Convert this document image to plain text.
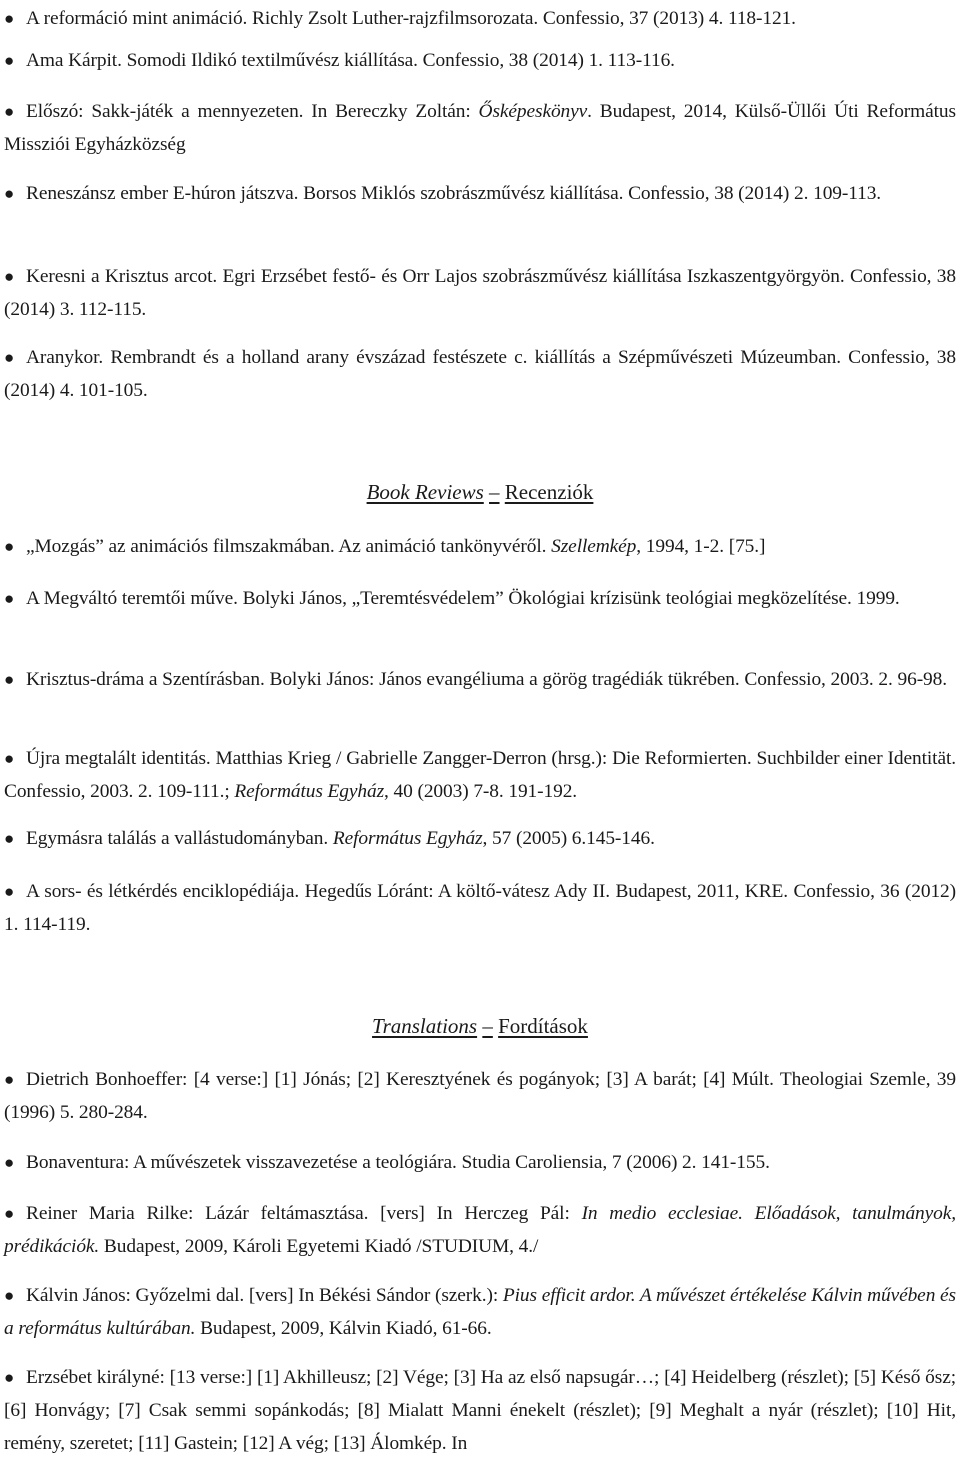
● A reformáció mint animáció. Richly Zsolt Luther-rajzfilmsorozata. Confessio, 37 (2013) 4. 118-121.
● Ama Kárpit. Somodi Ildikó textilművész kiállítása. Confessio, 38 (2014) 1. 113-116.
● Előszó: Sakk-játék a mennyezeten. In Bereczky Zoltán: Ősképeskönyv. Budapest, 2014, Külső-Üllői Úti Református Missziói Egyházközség
● Reneszánsz ember E-húron játszva. Borsos Miklós szobrászművész kiállítása. Confessio, 38 (2014) 2. 109-113.
● Keresni a Krisztus arcot. Egri Erzsébet festő- és Orr Lajos szobrászművész kiállítása Iszkaszentgyörgyön. Confessio, 38 (2014) 3. 112-115.
● Aranykor. Rembrandt és a holland arany évszázad festészete c. kiállítás a Szépművészeti Múzeumban. Confessio, 38 (2014) 4. 101-105.
Book Reviews – Recenziók
● „Mozgás” az animációs filmszakmában. Az animáció tankönyvéről. Szellemkép, 1994, 1-2. [75.]
● A Megváltó teremtői műve. Bolyki János, „Teremtésvédelem” Ökológiai krízisünk teológiai megközelítése. 1999.
● Krisztus-dráma a Szentírásban. Bolyki János: János evangéliuma a görög tragédiák tükrében. Confessio, 2003. 2. 96-98.
● Újra megtalált identitás. Matthias Krieg / Gabrielle Zangger-Derron (hrsg.): Die Reformierten. Suchbilder einer Identität. Confessio, 2003. 2. 109-111.; Református Egyház, 40 (2003) 7-8. 191-192.
● Egymásra találás a vallástudományban. Református Egyház, 57 (2005) 6.145-146.
● A sors- és létkérdés enciklopédiája. Hegedűs Lóránt: A költő-vátesz Ady II. Budapest, 2011, KRE. Confessio, 36 (2012) 1. 114-119.
Translations – Fordítások
● Dietrich Bonhoeffer: [4 verse:] [1] Jónás; [2] Keresztyének és pogányok; [3] A barát; [4] Múlt. Theologiai Szemle, 39 (1996) 5. 280-284.
● Bonaventura: A művészetek visszavezetése a teológiára. Studia Caroliensia, 7 (2006) 2. 141-155.
● Reiner Maria Rilke: Lázár feltámasztása. [vers] In Herczeg Pál: In medio ecclesiae. Előadások, tanulmányok, prédikációk. Budapest, 2009, Károli Egyetemi Kiadó /STUDIUM, 4./
● Kálvin János: Győzelmi dal. [vers] In Békési Sándor (szerk.): Pius efficit ardor. A művészet értékelése Kálvin művében és a református kultúrában. Budapest, 2009, Kálvin Kiadó, 61-66.
● Erzsébet királyné: [13 verse:] [1] Akhilleusz; [2] Vége; [3] Ha az első napsugár…; [4] Heidelberg (részlet); [5] Késő ősz; [6] Honvágy; [7] Csak semmi sopánkodás; [8] Mialatt Manni énekelt (részlet); [9] Meghalt a nyár (részlet); [10] Hit, remény, szeretet; [11] Gastein; [12] A vég; [13] Álomkép. In
